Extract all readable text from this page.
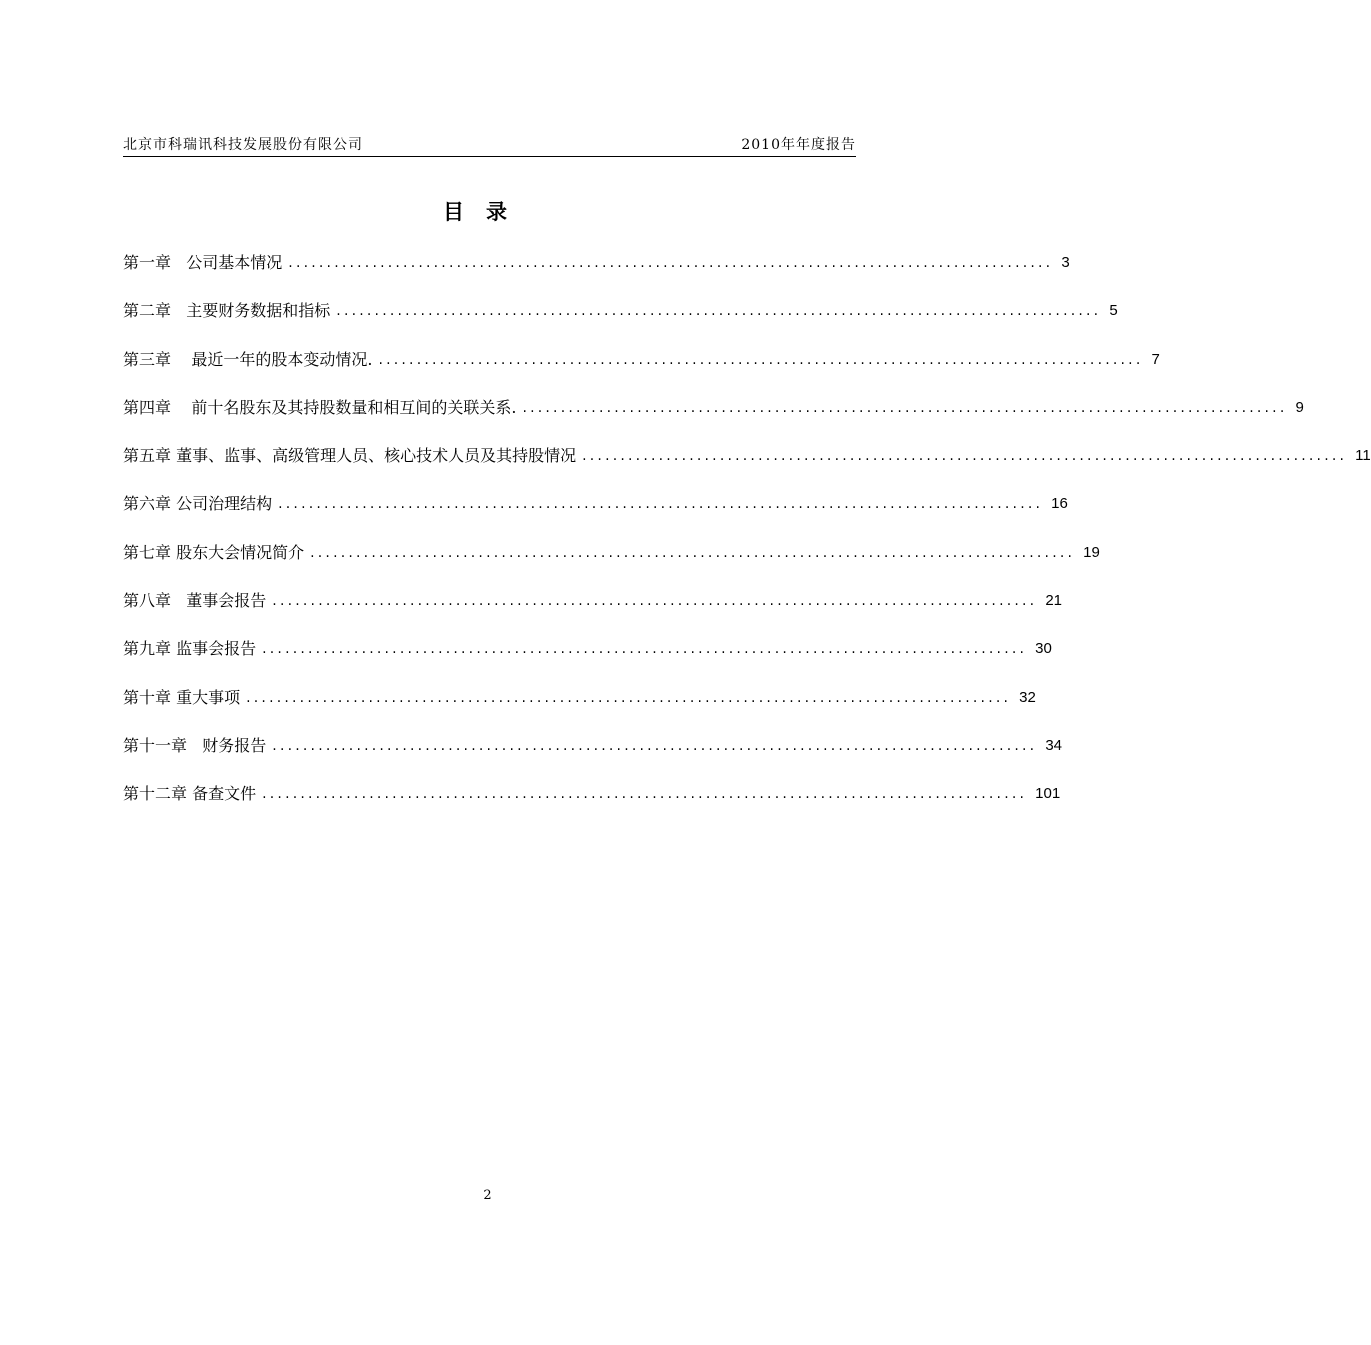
北京市科瑞讯科技发展股份有限公司	2010年年度报告
目录
第一章
公司基本情况 .................................................................................................... 3
第二章
主要财务数据和指标 .................................................................................................... 5
第三章
最近一年的股本变动情况. .................................................................................................... 7
第四章
前十名股东及其持股数量和相互间的关联关系. .................................................................................................... 9
第五章
董事、监事、高级管理人员、核心技术人员及其持股情况 .................................................................................................... 11
第六章
公司治理结构 .................................................................................................... 16
第七章
股东大会情况简介 .................................................................................................... 19
第八章
董事会报告 .................................................................................................... 21
第九章
监事会报告 .................................................................................................... 30
第十章
重大事项 .................................................................................................... 32
第十一章
财务报告 .................................................................................................... 34
第十二章
备查文件 .................................................................................................... 101
2
